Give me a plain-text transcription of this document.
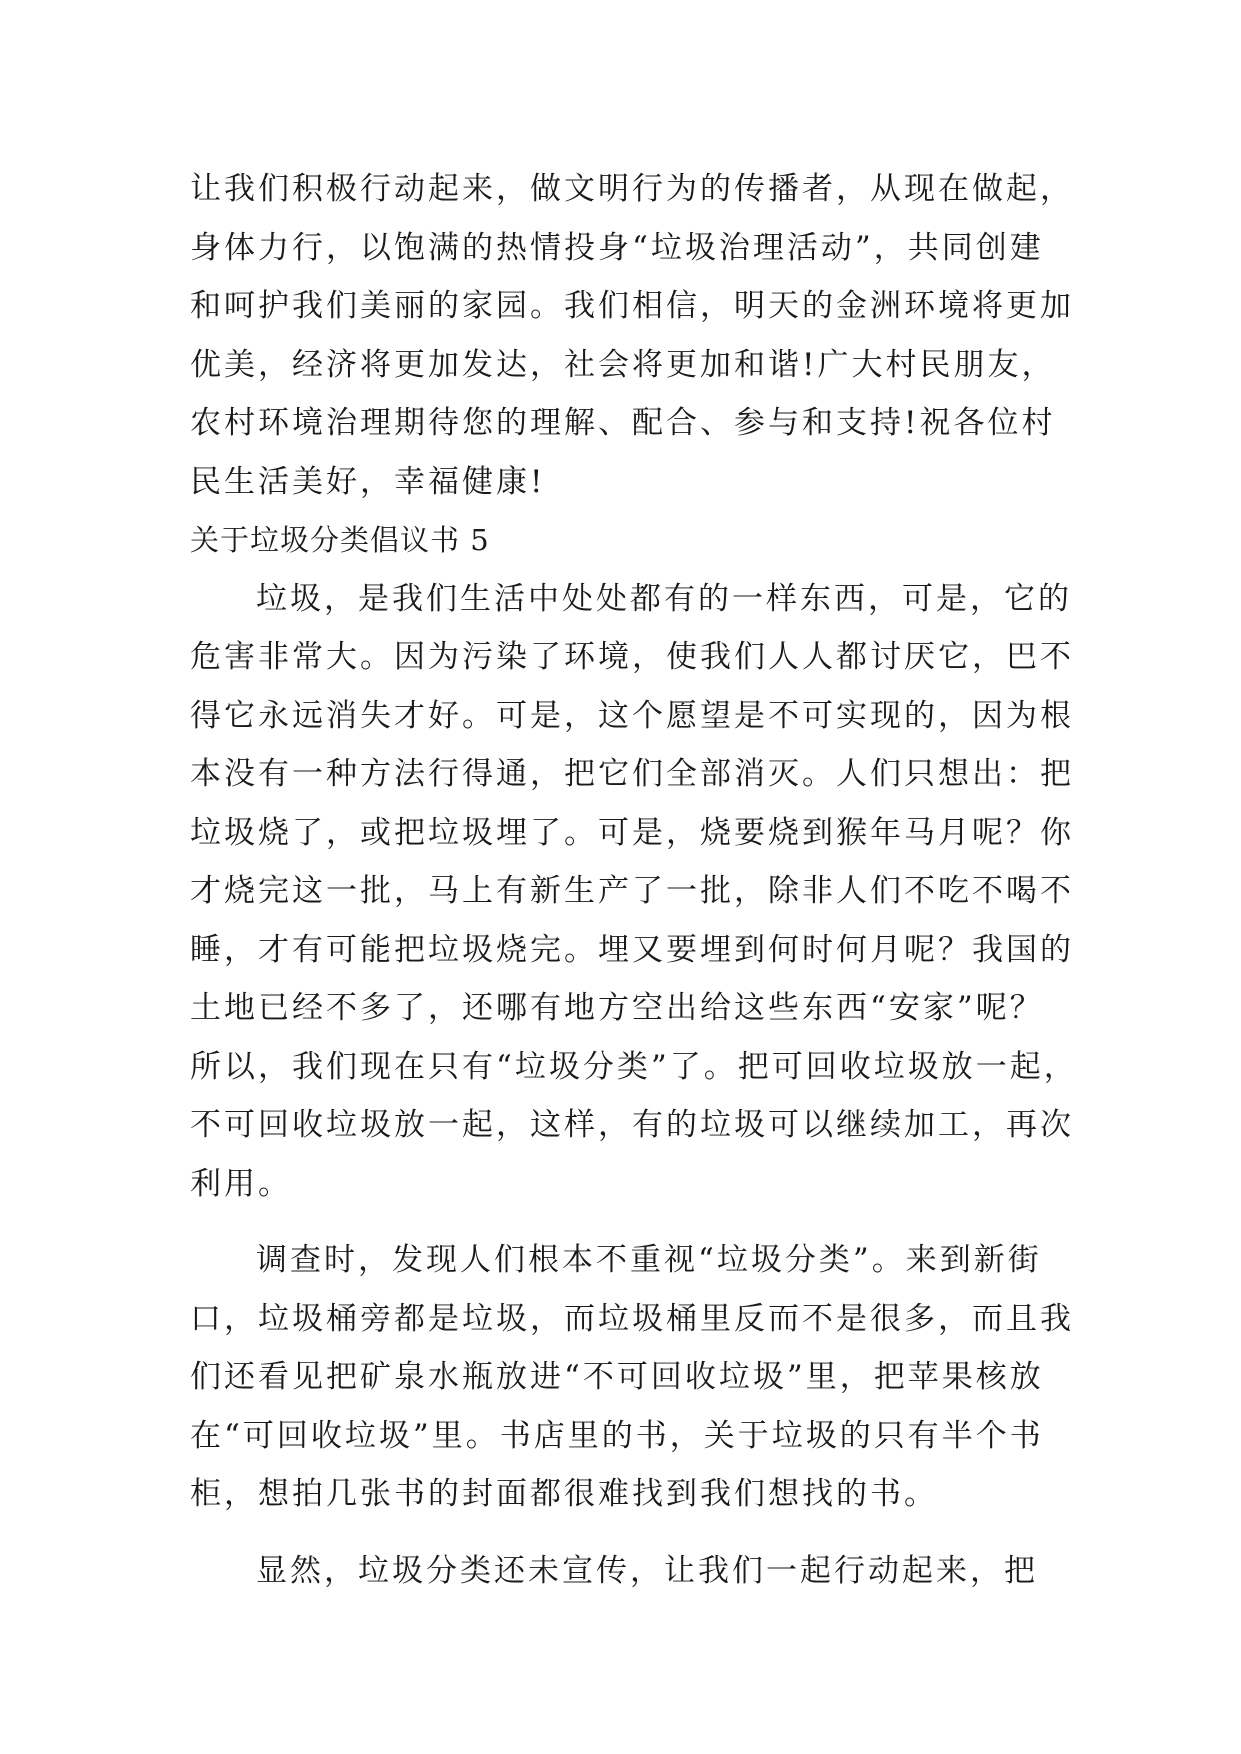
让我们积极行动起来，做文明行为的传播者，从现在做起，
身体力行，以饱满的热情投身“垃圾治理活动”，共同创建
和呵护我们美丽的家园。我们相信，明天的金洲环境将更加
优美，经济将更加发达，社会将更加和谐!广大村民朋友，
农村环境治理期待您的理解、配合、参与和支持!祝各位村
民生活美好，幸福健康!
关于垃圾分类倡议书 5
垃圾，是我们生活中处处都有的一样东西，可是，它的
危害非常大。因为污染了环境，使我们人人都讨厌它，巴不
得它永远消失才好。可是，这个愿望是不可实现的，因为根
本没有一种方法行得通，把它们全部消灭。人们只想出：把
垃圾烧了，或把垃圾埋了。可是，烧要烧到猴年马月呢？你
才烧完这一批，马上有新生产了一批，除非人们不吃不喝不
睡，才有可能把垃圾烧完。埋又要埋到何时何月呢？我国的
土地已经不多了，还哪有地方空出给这些东西“安家”呢？
所以，我们现在只有“垃圾分类”了。把可回收垃圾放一起，
不可回收垃圾放一起，这样，有的垃圾可以继续加工，再次
利用。
调查时，发现人们根本不重视“垃圾分类”。来到新街
口，垃圾桶旁都是垃圾，而垃圾桶里反而不是很多，而且我
们还看见把矿泉水瓶放进“不可回收垃圾”里，把苹果核放
在“可回收垃圾”里。书店里的书，关于垃圾的只有半个书
柜，想拍几张书的封面都很难找到我们想找的书。
显然，垃圾分类还未宣传，让我们一起行动起来，把
